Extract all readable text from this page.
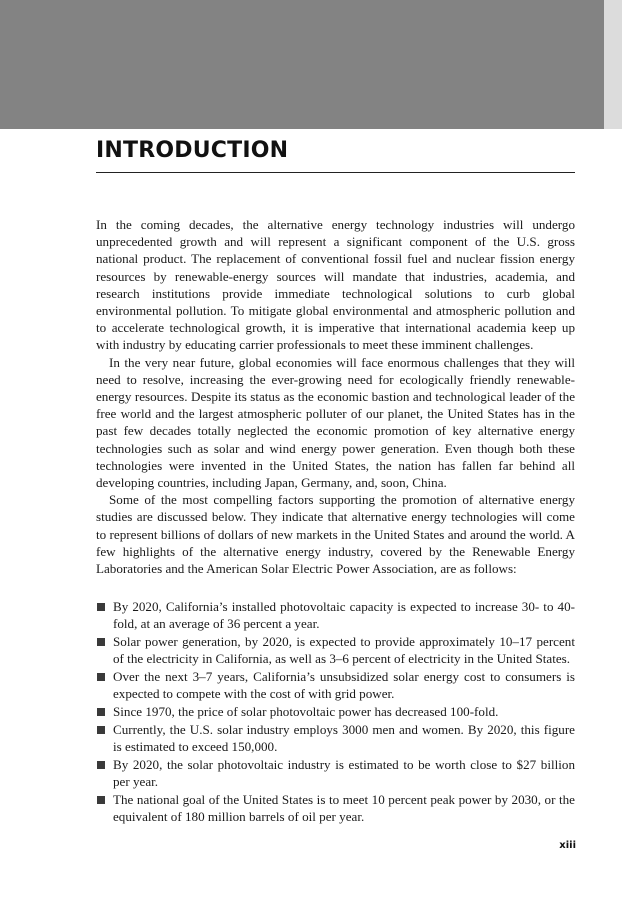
INTRODUCTION

In the coming decades, the alternative energy technology industries will undergo unprecedented growth and will represent a significant component of the U.S. gross national product. The replacement of conventional fossil fuel and nuclear fission energy resources by renewable-energy sources will mandate that industries, academia, and research institutions provide immediate technological solutions to curb global environmental pollution. To mitigate global environmental and atmospheric pollution and to accelerate technological growth, it is imperative that international academia keep up with industry by educating carrier professionals to meet these imminent challenges.

In the very near future, global economies will face enormous challenges that they will need to resolve, increasing the ever-growing need for ecologically friendly renewable-energy resources. Despite its status as the economic bastion and technological leader of the free world and the largest atmospheric polluter of our planet, the United States has in the past few decades totally neglected the economic promotion of key alternative energy technologies such as solar and wind energy power generation. Even though both these technologies were invented in the United States, the nation has fallen far behind all developing countries, including Japan, Germany, and, soon, China.

Some of the most compelling factors supporting the promotion of alternative energy studies are discussed below. They indicate that alternative energy technologies will come to represent billions of dollars of new markets in the United States and around the world. A few highlights of the alternative energy industry, covered by the Renewable Energy Laboratories and the American Solar Electric Power Association, are as follows:

By 2020, California’s installed photovoltaic capacity is expected to increase 30- to 40-fold, at an average of 36 percent a year.
Solar power generation, by 2020, is expected to provide approximately 10–17 percent of the electricity in California, as well as 3–6 percent of electricity in the United States.
Over the next 3–7 years, California’s unsubsidized solar energy cost to consumers is expected to compete with the cost of with grid power.
Since 1970, the price of solar photovoltaic power has decreased 100-fold.
Currently, the U.S. solar industry employs 3000 men and women. By 2020, this figure is estimated to exceed 150,000.
By 2020, the solar photovoltaic industry is estimated to be worth close to $27 billion per year.
The national goal of the United States is to meet 10 percent peak power by 2030, or the equivalent of 180 million barrels of oil per year.
xiii
